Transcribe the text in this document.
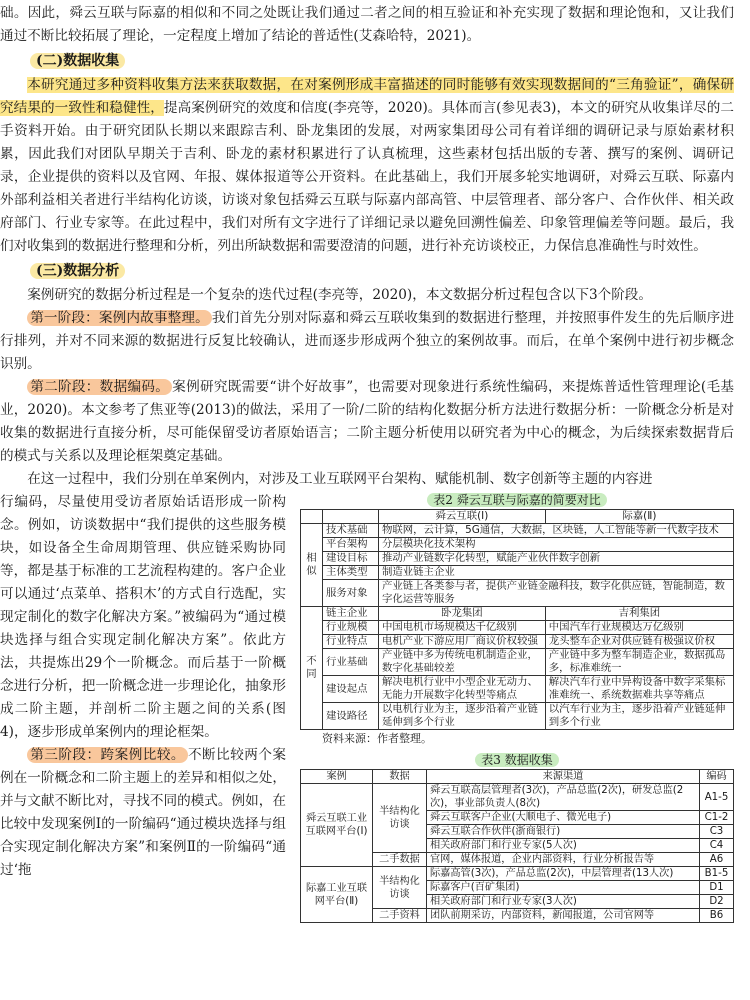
础。因此，舜云互联与际嘉的相似和不同之处既让我们通过二者之间的相互验证和补充实现了数据和理论饱和，又让我们通过不断比较拓展了理论，一定程度上增加了结论的普适性(艾森哈特，2021)。

(二)数据收集

本研究通过多种资料收集方法来获取数据，在对案例形成丰富描述的同时能够有效实现数据间的“三角验证”，确保研究结果的一致性和稳健性，提高案例研究的效度和信度(李亮等，2020)。具体而言(参见表3)，本文的研究从收集详尽的二手资料开始。由于研究团队长期以来跟踪吉利、卧龙集团的发展，对两家集团母公司有着详细的调研记录与原始素材积累，因此我们对团队早期关于吉利、卧龙的素材积累进行了认真梳理，这些素材包括出版的专著、撰写的案例、调研记录，企业提供的资料以及官网、年报、媒体报道等公开资料。在此基础上，我们开展多轮实地调研，对舜云互联、际嘉内外部利益相关者进行半结构化访谈，访谈对象包括舜云互联与际嘉内部高管、中层管理者、部分客户、合作伙伴、相关政府部门、行业专家等。在此过程中，我们对所有文字进行了详细记录以避免回溯性偏差、印象管理偏差等问题。最后，我们对收集到的数据进行整理和分析，列出所缺数据和需要澄清的问题，进行补充访谈校正，力保信息准确性与时效性。

(三)数据分析

案例研究的数据分析过程是一个复杂的迭代过程(李亮等，2020)，本文数据分析过程包含以下3个阶段。

第一阶段：案例内故事整理。 我们首先分别对际嘉和舜云互联收集到的数据进行整理，并按照事件发生的先后顺序进行排列，并对不同来源的数据进行反复比较确认，进而逐步形成两个独立的案例故事。而后，在单个案例中进行初步概念识别。

第二阶段：数据编码。 案例研究既需要“讲个好故事”，也需要对现象进行系统性编码，来提炼普适性管理理论(毛基业，2020)。本文参考了焦亚等(2013)的做法，采用了一阶/二阶的结构化数据分析方法进行数据分析：一阶概念分析是对收集的数据进行直接分析，尽可能保留受访者原始语言；二阶主题分析使用以研究者为中心的概念，为后续探索数据背后的模式与关系以及理论框架奠定基础。

在这一过程中，我们分别在单案例内，对涉及工业互联网平台架构、赋能机制、数字创新等主题的内容进

行编码，尽量使用受访者原始话语形成一阶构念。例如，访谈数据中“我们提供的这些服务模块，如设备全生命周期管理、供应链采购协同等，都是基于标准的工艺流程构建的。客户企业可以通过‘点菜单、搭积木’的方式自行选配，实现定制化的数字化解决方案。”被编码为“通过模块选择与组合实现定制化解决方案”。依此方法，共提炼出29个一阶概念。而后基于一阶概念进行分析，把一阶概念进一步理论化，抽象形成二阶主题，并剖析二阶主题之间的关系(图4)，逐步形成单案例内的理论框架。

第三阶段：跨案例比较。 不断比较两个案例在一阶概念和二阶主题上的差异和相似之处，并与文献不断比对，寻找不同的模式。例如，在比较中发现案例Ⅰ的一阶编码“通过模块选择与组合实现定制化解决方案”和案例Ⅱ的一阶编码“通过‘拖

表2 舜云互联与际嘉的简要对比
		舜云互联(Ⅰ)	际嘉(Ⅱ)
相似	技术基础	物联网，云计算，5G通信，大数据，区块链，人工智能等新一代数字技术	
	平台架构	分层模块化技术架构	
	建设目标	推动产业链数字化转型，赋能产业伙伴数字创新	
	主体类型	制造业链主企业	
	服务对象	产业链上各类参与者，提供产业链金融科技，数字化供应链，智能制造，数字化运营等服务	
不同	链主企业	卧龙集团	吉利集团
	行业规模	中国电机市场规模达千亿级别	中国汽车行业规模达万亿级别
	行业特点	电机产业下游应用厂商议价权较强	龙头整车企业对供应链有极强议价权
	行业基础	产业链中多为传统电机制造企业，数字化基础较差	产业链中多为整车制造企业，数据孤岛多，标准难统一
	建设起点	解决电机行业中小型企业无动力、无能力开展数字化转型等痛点	解决汽车行业中异构设备中数字采集标准难统一、系统数据难共享等痛点
	建设路径	以电机行业为主，逐步沿着产业链延伸到多个行业	以汽车行业为主，逐步沿着产业链延伸到多个行业
资料来源：作者整理。
表3 数据收集
案例	数据	来源渠道	编码
舜云互联工业互联网平台(Ⅰ)	半结构化访谈	舜云互联高层管理者(3次)，产品总监(2次)，研发总监(2次)，事业部负责人(8次)	A1-5
		舜云互联客户企业(大顺电子、微光电子)	C1-2
		舜云互联合作伙伴(浙商银行)	C3
		相关政府部门和行业专家(5人次)	C4
	二手数据	官网，媒体报道，企业内部资料，行业分析报告等	A6
际嘉工业互联网平台(Ⅱ)	半结构化访谈	际嘉高管(3次)，产品总监(2次)，中层管理者(13人次)	B1-5
		际嘉客户(百矿集团)	D1
		相关政府部门和行业专家(3人次)	D2
	二手资料	团队前期采访，内部资料，新闻报道，公司官网等	B6
